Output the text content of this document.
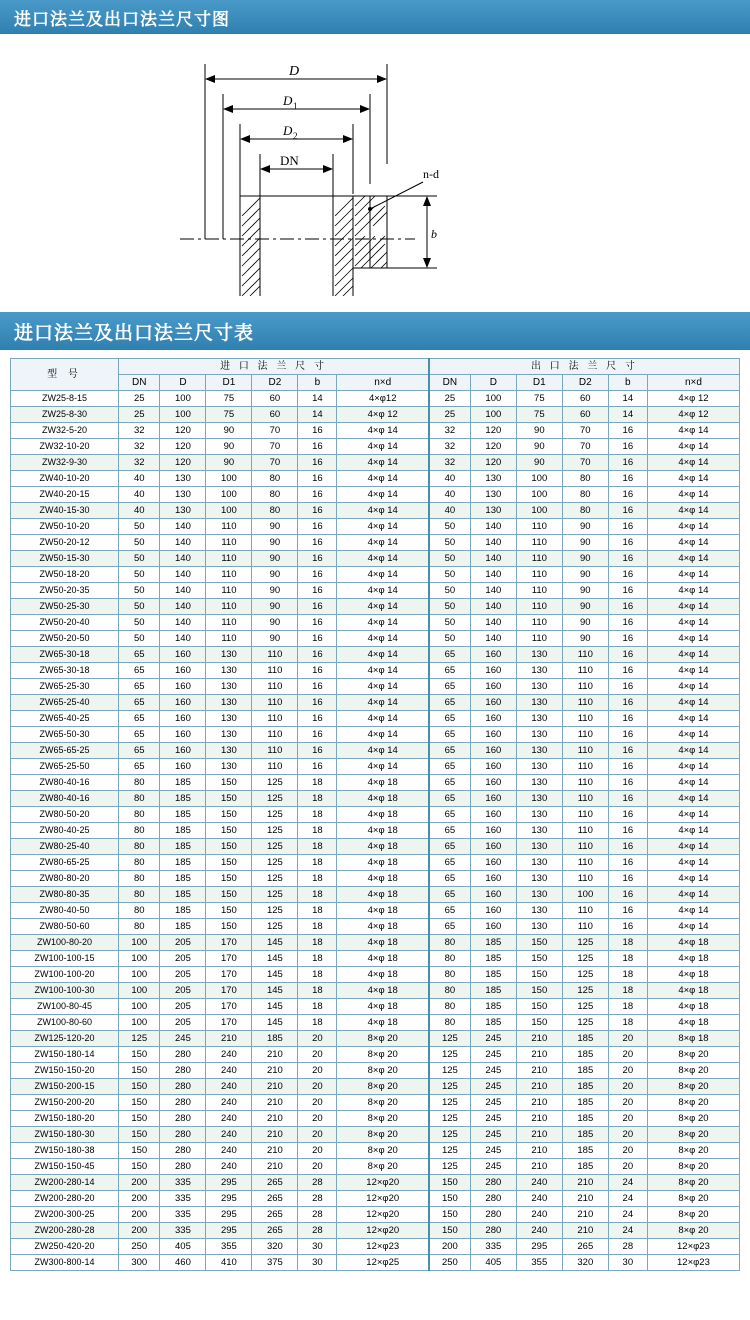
进口法兰及出口法兰尺寸图
D
D 1
D 2
DN
n-d
b
进口法兰及出口法兰尺寸表
型 号	进 口 法 兰 尺 寸						出 口 法 兰 尺 寸					
	DN	D	D1	D2	b	n×d	DN	D	D1	D2	b	n×d
ZW25-8-15	25	100	75	60	14	4×φ12	25	100	75	60	14	4×φ 12
ZW25-8-30	25	100	75	60	14	4×φ 12	25	100	75	60	14	4×φ 12
ZW32-5-20	32	120	90	70	16	4×φ 14	32	120	90	70	16	4×φ 14
ZW32-10-20	32	120	90	70	16	4×φ 14	32	120	90	70	16	4×φ 14
ZW32-9-30	32	120	90	70	16	4×φ 14	32	120	90	70	16	4×φ 14
ZW40-10-20	40	130	100	80	16	4×φ 14	40	130	100	80	16	4×φ 14
ZW40-20-15	40	130	100	80	16	4×φ 14	40	130	100	80	16	4×φ 14
ZW40-15-30	40	130	100	80	16	4×φ 14	40	130	100	80	16	4×φ 14
ZW50-10-20	50	140	110	90	16	4×φ 14	50	140	110	90	16	4×φ 14
ZW50-20-12	50	140	110	90	16	4×φ 14	50	140	110	90	16	4×φ 14
ZW50-15-30	50	140	110	90	16	4×φ 14	50	140	110	90	16	4×φ 14
ZW50-18-20	50	140	110	90	16	4×φ 14	50	140	110	90	16	4×φ 14
ZW50-20-35	50	140	110	90	16	4×φ 14	50	140	110	90	16	4×φ 14
ZW50-25-30	50	140	110	90	16	4×φ 14	50	140	110	90	16	4×φ 14
ZW50-20-40	50	140	110	90	16	4×φ 14	50	140	110	90	16	4×φ 14
ZW50-20-50	50	140	110	90	16	4×φ 14	50	140	110	90	16	4×φ 14
ZW65-30-18	65	160	130	110	16	4×φ 14	65	160	130	110	16	4×φ 14
ZW65-30-18	65	160	130	110	16	4×φ 14	65	160	130	110	16	4×φ 14
ZW65-25-30	65	160	130	110	16	4×φ 14	65	160	130	110	16	4×φ 14
ZW65-25-40	65	160	130	110	16	4×φ 14	65	160	130	110	16	4×φ 14
ZW65-40-25	65	160	130	110	16	4×φ 14	65	160	130	110	16	4×φ 14
ZW65-50-30	65	160	130	110	16	4×φ 14	65	160	130	110	16	4×φ 14
ZW65-65-25	65	160	130	110	16	4×φ 14	65	160	130	110	16	4×φ 14
ZW65-25-50	65	160	130	110	16	4×φ 14	65	160	130	110	16	4×φ 14
ZW80-40-16	80	185	150	125	18	4×φ 18	65	160	130	110	16	4×φ 14
ZW80-40-16	80	185	150	125	18	4×φ 18	65	160	130	110	16	4×φ 14
ZW80-50-20	80	185	150	125	18	4×φ 18	65	160	130	110	16	4×φ 14
ZW80-40-25	80	185	150	125	18	4×φ 18	65	160	130	110	16	4×φ 14
ZW80-25-40	80	185	150	125	18	4×φ 18	65	160	130	110	16	4×φ 14
ZW80-65-25	80	185	150	125	18	4×φ 18	65	160	130	110	16	4×φ 14
ZW80-80-20	80	185	150	125	18	4×φ 18	65	160	130	110	16	4×φ 14
ZW80-80-35	80	185	150	125	18	4×φ 18	65	160	130	100	16	4×φ 14
ZW80-40-50	80	185	150	125	18	4×φ 18	65	160	130	110	16	4×φ 14
ZW80-50-60	80	185	150	125	18	4×φ 18	65	160	130	110	16	4×φ 14
ZW100-80-20	100	205	170	145	18	4×φ 18	80	185	150	125	18	4×φ 18
ZW100-100-15	100	205	170	145	18	4×φ 18	80	185	150	125	18	4×φ 18
ZW100-100-20	100	205	170	145	18	4×φ 18	80	185	150	125	18	4×φ 18
ZW100-100-30	100	205	170	145	18	4×φ 18	80	185	150	125	18	4×φ 18
ZW100-80-45	100	205	170	145	18	4×φ 18	80	185	150	125	18	4×φ 18
ZW100-80-60	100	205	170	145	18	4×φ 18	80	185	150	125	18	4×φ 18
ZW125-120-20	125	245	210	185	20	8×φ 20	125	245	210	185	20	8×φ 18
ZW150-180-14	150	280	240	210	20	8×φ 20	125	245	210	185	20	8×φ 20
ZW150-150-20	150	280	240	210	20	8×φ 20	125	245	210	185	20	8×φ 20
ZW150-200-15	150	280	240	210	20	8×φ 20	125	245	210	185	20	8×φ 20
ZW150-200-20	150	280	240	210	20	8×φ 20	125	245	210	185	20	8×φ 20
ZW150-180-20	150	280	240	210	20	8×φ 20	125	245	210	185	20	8×φ 20
ZW150-180-30	150	280	240	210	20	8×φ 20	125	245	210	185	20	8×φ 20
ZW150-180-38	150	280	240	210	20	8×φ 20	125	245	210	185	20	8×φ 20
ZW150-150-45	150	280	240	210	20	8×φ 20	125	245	210	185	20	8×φ 20
ZW200-280-14	200	335	295	265	28	12×φ20	150	280	240	210	24	8×φ 20
ZW200-280-20	200	335	295	265	28	12×φ20	150	280	240	210	24	8×φ 20
ZW200-300-25	200	335	295	265	28	12×φ20	150	280	240	210	24	8×φ 20
ZW200-280-28	200	335	295	265	28	12×φ20	150	280	240	210	24	8×φ 20
ZW250-420-20	250	405	355	320	30	12×φ23	200	335	295	265	28	12×φ23
ZW300-800-14	300	460	410	375	30	12×φ25	250	405	355	320	30	12×φ23
